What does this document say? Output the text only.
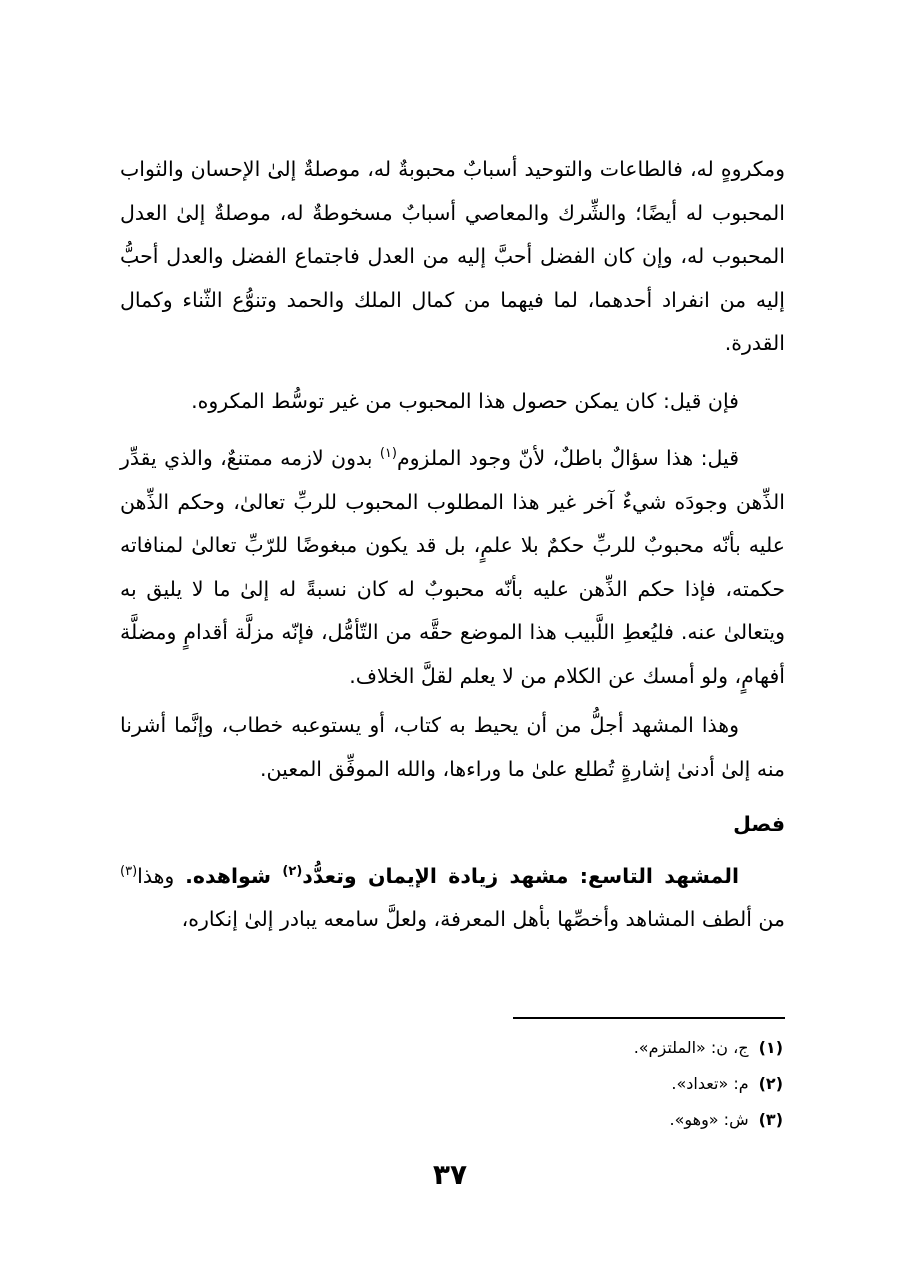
ومكروهٍ له، فالطاعات والتوحيد أسبابٌ محبوبةٌ له، موصلةٌ إلىٰ الإحسان والثواب المحبوب له أيضًا؛ والشِّرك والمعاصي أسبابٌ مسخوطةٌ له، موصلةٌ إلىٰ العدل المحبوب له، وإن كان الفضل أحبَّ إليه من العدل فاجتماع الفضل والعدل أحبُّ إليه من انفراد أحدهما، لما فيهما من كمال الملك والحمد وتنوُّع الثّناء وكمال القدرة.

فإن قيل: كان يمكن حصول هذا المحبوب من غير توسُّط المكروه.

قيل: هذا سؤالٌ باطلٌ، لأنّ وجود الملزوم$^{(١)}$ بدون لازمه ممتنعٌ، والذي يقدِّر الذِّهن وجودَه شيءٌ آخر غير هذا المطلوب المحبوب للربِّ تعالىٰ، وحكم الذِّهن عليه بأنّه محبوبٌ للربِّ حكمٌ بلا علمٍ، بل قد يكون مبغوضًا للرّبِّ تعالىٰ لمنافاته حكمته، فإذا حكم الذِّهن عليه بأنّه محبوبٌ له كان نسبةً له إلىٰ ما لا يليق به ويتعالىٰ عنه. فليُعطِ اللَّبيب هذا الموضع حقَّه من التّأمُّل، فإنّه مزلَّة أقدامٍ ومضلَّة أفهامٍ، ولو أمسك عن الكلام من لا يعلم لقلَّ الخلاف.

وهذا المشهد أجلُّ من أن يحيط به كتاب، أو يستوعبه خطاب، وإنَّما أشرنا منه إلىٰ أدنىٰ إشارةٍ تُطلع علىٰ ما وراءها، والله الموفِّق المعين.

فصل

المشهد التاسع: مشهد زيادة الإيمان وتعدُّد$^{(٢)}$ شواهده. وهذا$^{(٣)}$ من ألطف المشاهد وأخصِّها بأهل المعرفة، ولعلَّ سامعه يبادر إلىٰ إنكاره،

(١)ج، ن: «الملتزم».
(٢)م: «تعداد».
(٣)ش: «وهو».
٣٧
